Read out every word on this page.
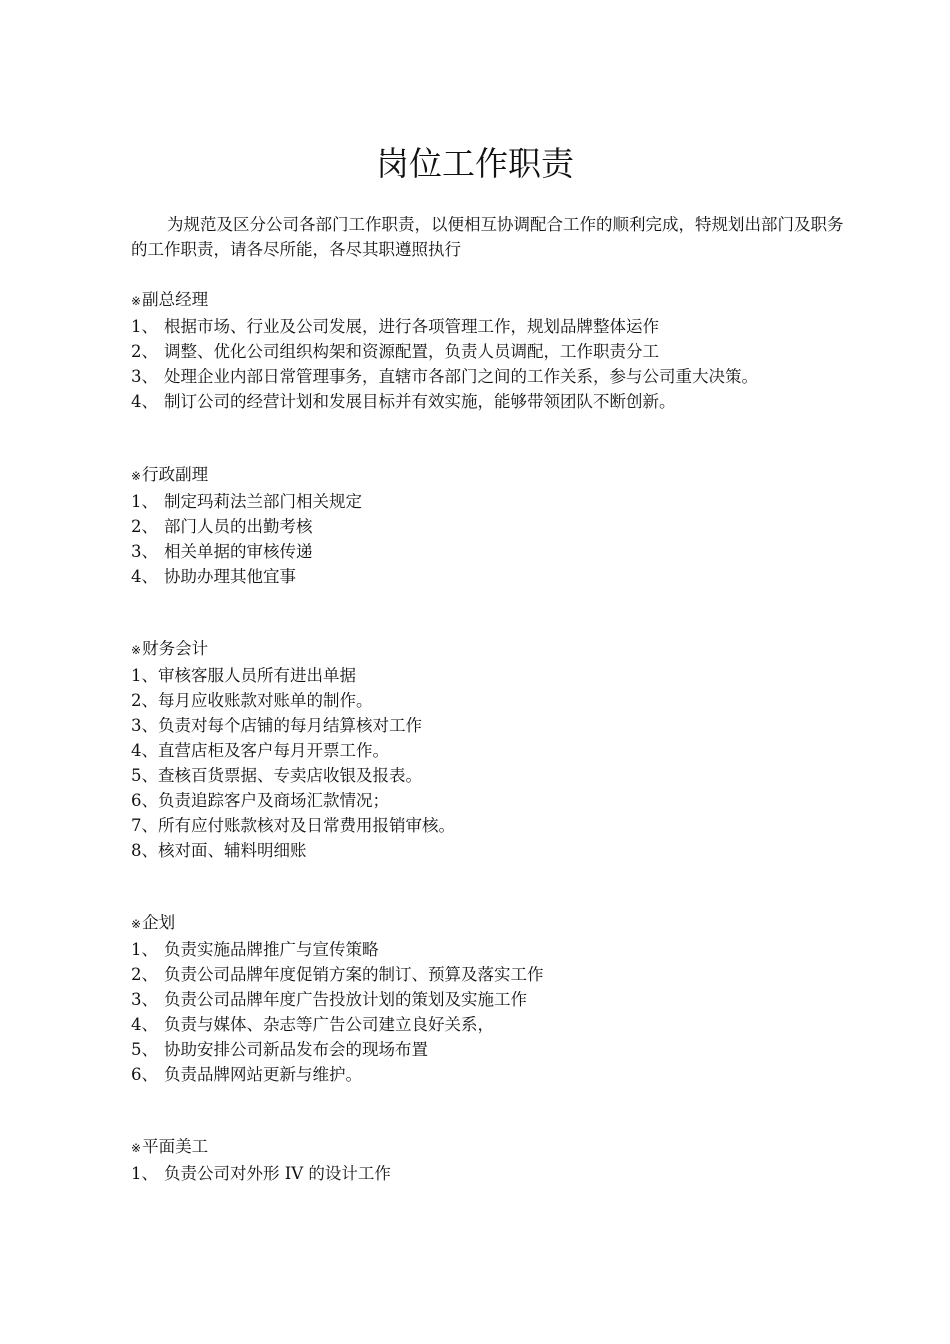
岗位工作职责
为规范及区分公司各部门工作职责，以便相互协调配合工作的顺利完成，特规划出部门及职务的工作职责，请各尽所能，各尽其职遵照执行
※副总经理
1、 根据市场、行业及公司发展，进行各项管理工作，规划品牌整体运作
2、 调整、优化公司组织构架和资源配置，负责人员调配，工作职责分工
3、 处理企业内部日常管理事务，直辖市各部门之间的工作关系，参与公司重大决策。
4、 制订公司的经营计划和发展目标并有效实施，能够带领团队不断创新。
※行政副理
1、 制定玛莉法兰部门相关规定
2、 部门人员的出勤考核
3、 相关单据的审核传递
4、 协助办理其他宜事
※财务会计
1、审核客服人员所有进出单据
2、每月应收账款对账单的制作。
3、负责对每个店铺的每月结算核对工作
4、直营店柜及客户每月开票工作。
5、查核百货票据、专卖店收银及报表。
6、负责追踪客户及商场汇款情况；
7、所有应付账款核对及日常费用报销审核。
8、核对面、辅料明细账
※企划
1、 负责实施品牌推广与宣传策略
2、 负责公司品牌年度促销方案的制订、预算及落实工作
3、 负责公司品牌年度广告投放计划的策划及实施工作
4、 负责与媒体、杂志等广告公司建立良好关系，
5、 协助安排公司新品发布会的现场布置
6、 负责品牌网站更新与维护。
※平面美工
1、 负责公司对外形 IV 的设计工作
